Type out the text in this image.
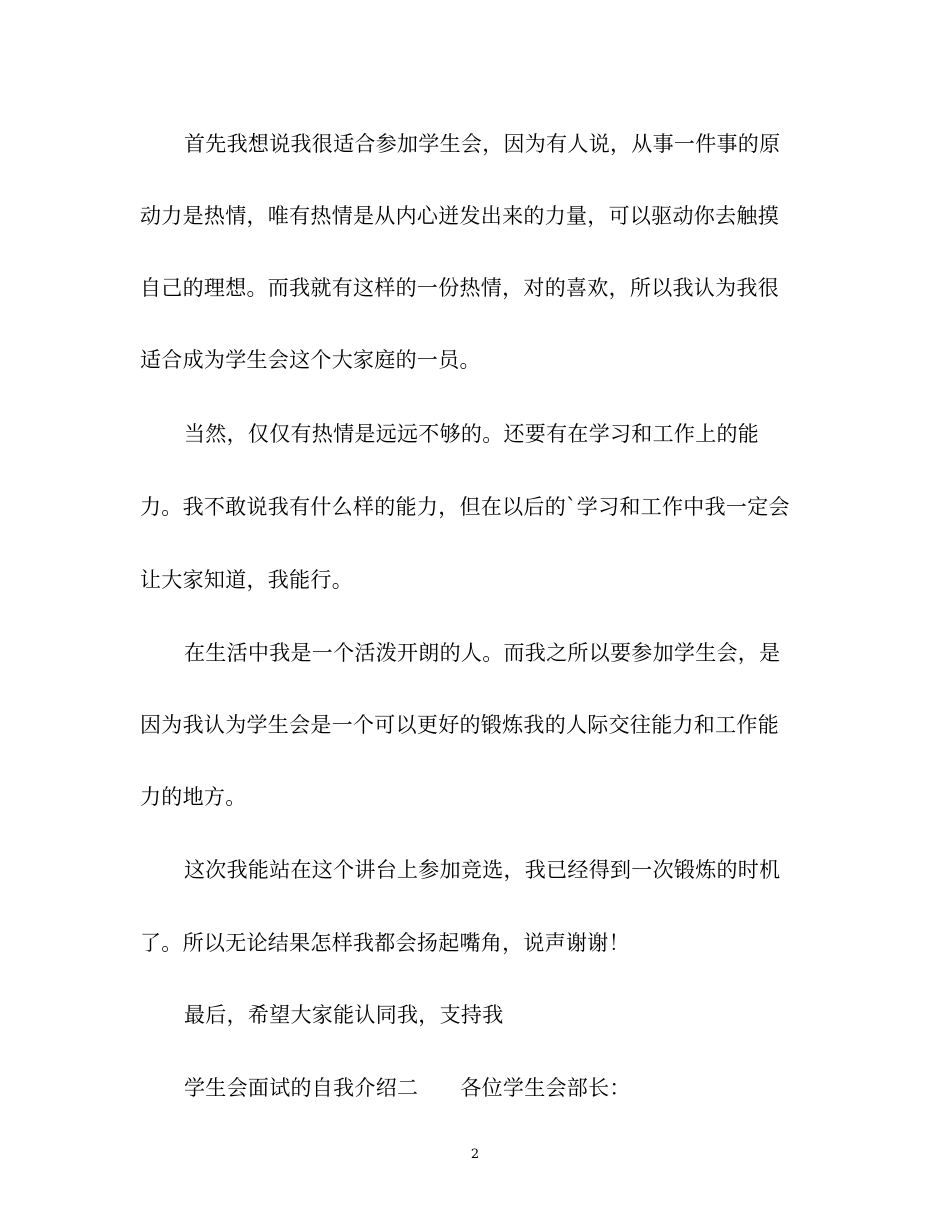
首先我想说我很适合参加学生会，因为有人说，从事一件事的原
动力是热情，唯有热情是从内心迸发出来的力量，可以驱动你去触摸
自己的理想。而我就有这样的一份热情，对的喜欢，所以我认为我很
适合成为学生会这个大家庭的一员。
当然，仅仅有热情是远远不够的。还要有在学习和工作上的能
力。我不敢说我有什么样的能力，但在以后的`学习和工作中我一定会
让大家知道，我能行。
在生活中我是一个活泼开朗的人。而我之所以要参加学生会，是
因为我认为学生会是一个可以更好的锻炼我的人际交往能力和工作能
力的地方。
这次我能站在这个讲台上参加竞选，我已经得到一次锻炼的时机
了。所以无论结果怎样我都会扬起嘴角，说声谢谢！
最后，希望大家能认同我，支持我
学生会面试的自我介绍二 各位学生会部长：
2
